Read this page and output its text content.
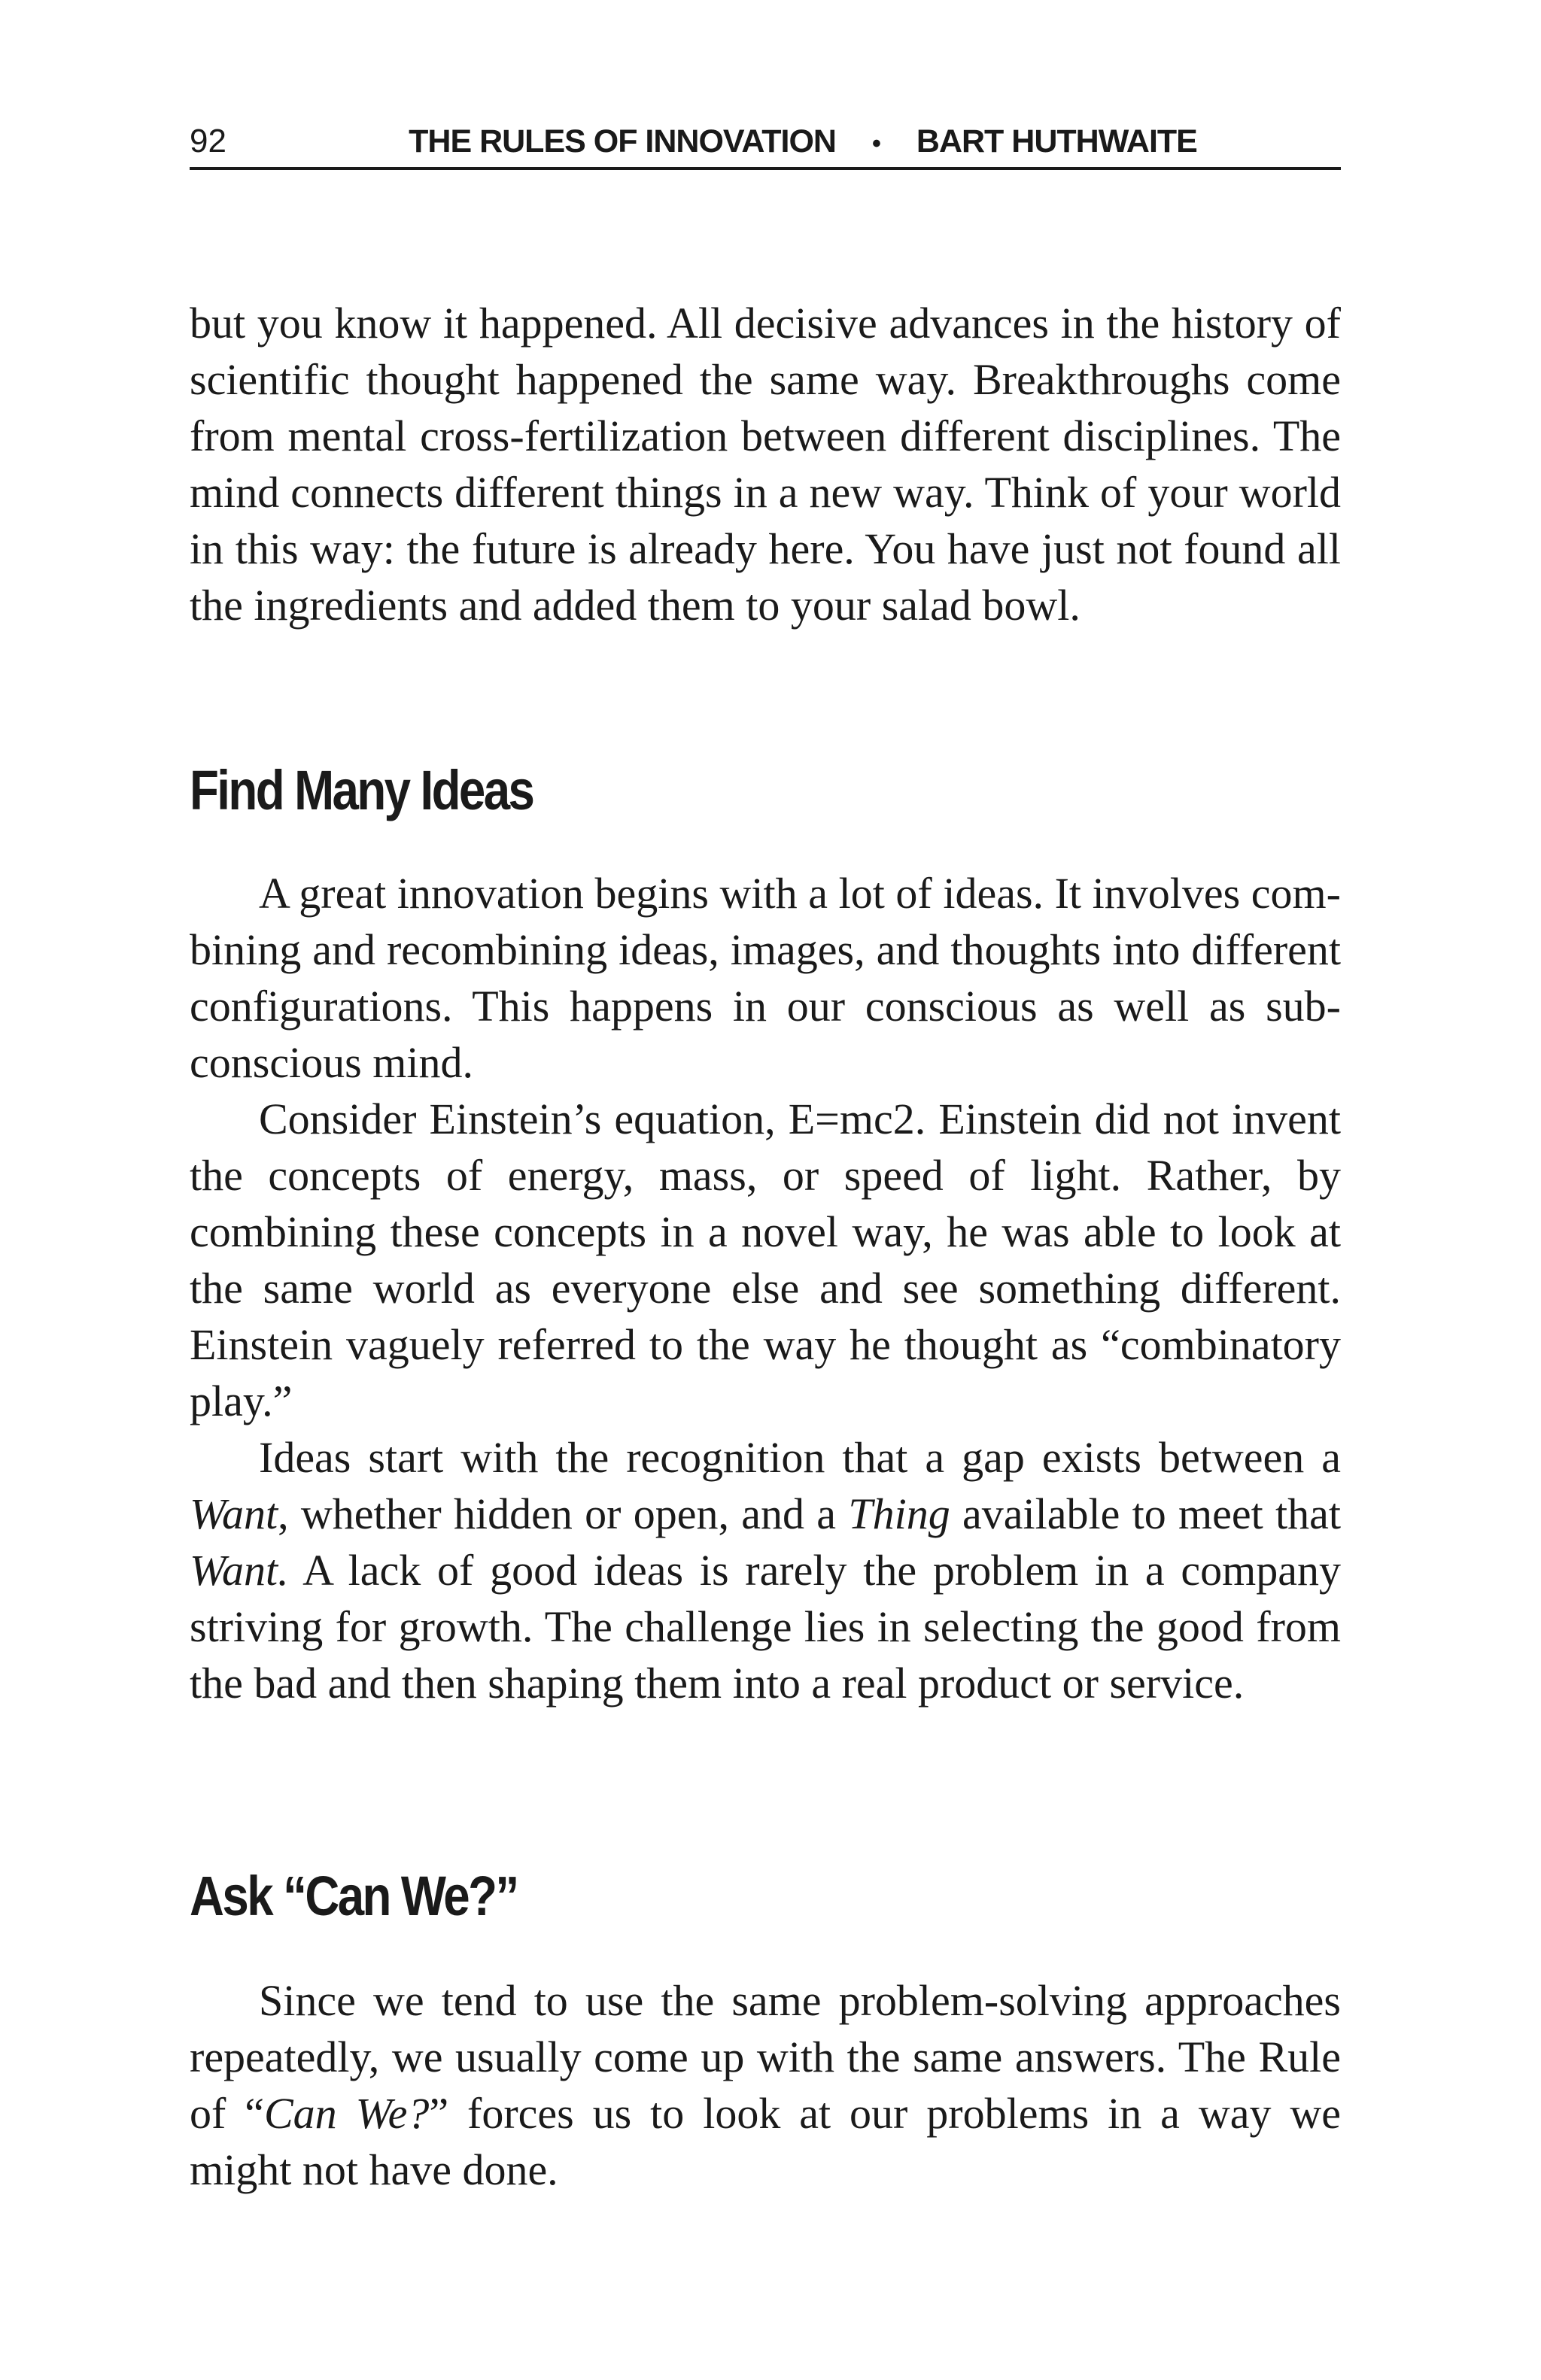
92	THE RULES OF INNOVATION • BART HUTHWAITE

but you know it happened. All decisive advances in the history of scientific thought happened the same way. Breakthroughs come from mental cross-fertilization between different disciplines. The mind connects different things in a new way. Think of your world in this way: the future is already here. You have just not found all the ingredients and added them to your salad bowl.

Find Many Ideas

A great innovation begins with a lot of ideas. It involves combining and recombining ideas, images, and thoughts into different configurations. This happens in our conscious as well as subconscious mind.

Consider Einstein’s equation, E=mc2. Einstein did not invent the concepts of energy, mass, or speed of light. Rather, by combining these concepts in a novel way, he was able to look at the same world as everyone else and see something different. Einstein vaguely referred to the way he thought as “combinatory play.”

Ideas start with the recognition that a gap exists between a Want, whether hidden or open, and a Thing available to meet that Want. A lack of good ideas is rarely the problem in a company striving for growth. The challenge lies in selecting the good from the bad and then shaping them into a real product or service.

Ask “Can We?”

Since we tend to use the same problem-solving approaches repeatedly, we usually come up with the same answers. The Rule of “Can We?” forces us to look at our problems in a way we might not have done.
